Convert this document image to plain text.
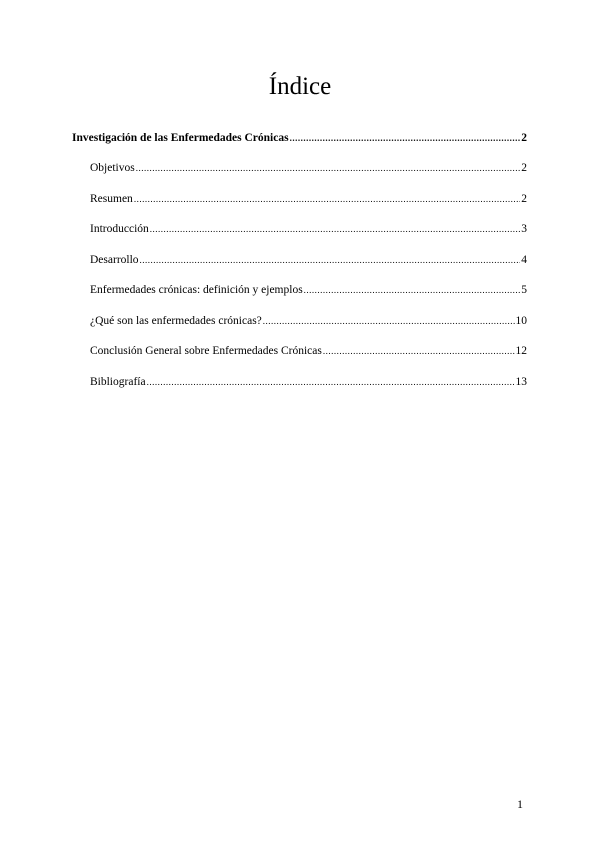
Índice
Investigación de las Enfermedades Crónicas .....	2
Objetivos .....	2
Resumen .....	2
Introducción .....	3
Desarrollo .....	4
Enfermedades crónicas: definición y ejemplos .....	5
¿Qué son las enfermedades crónicas? .....	10
Conclusión General sobre Enfermedades Crónicas .....	12
Bibliografía .....	13
1
